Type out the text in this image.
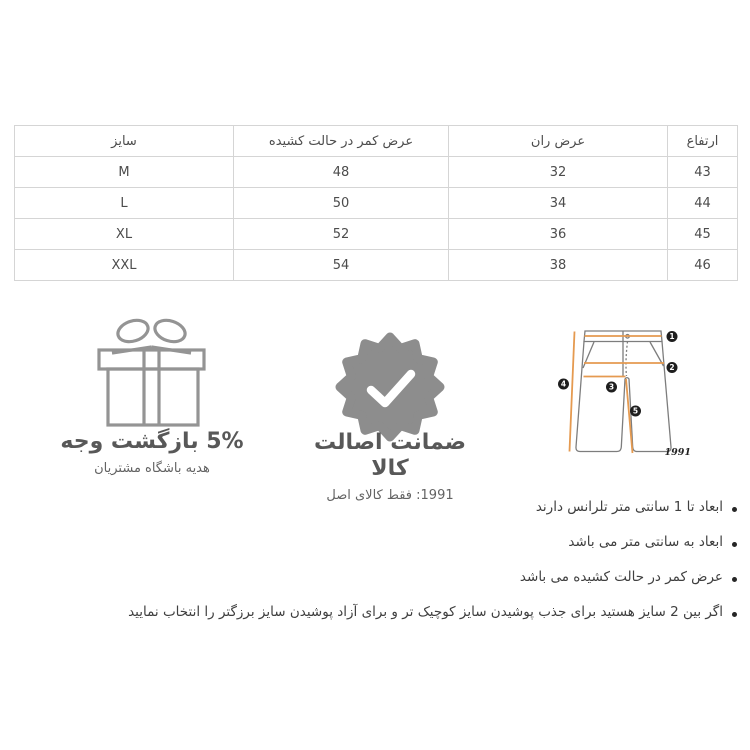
سایز	عرض کمر در حالت کشیده	عرض ران	ارتفاع
M	48	32	43
L	50	34	44
XL	52	36	45
XXL	54	38	46
5% بازگشت وجه
هدیه باشگاه مشتریان
ضمانت اصالت کالا
1991: فقط کالای اصل
1
2
3
4
5
1991
ابعاد تا 1 سانتی متر تلرانس دارند
ابعاد به سانتی متر می باشد
عرض کمر در حالت کشیده می باشد
اگر بین 2 سایز هستید برای جذب پوشیدن سایز کوچیک تر و برای آزاد پوشیدن سایز برزگتر را انتخاب نمایید
